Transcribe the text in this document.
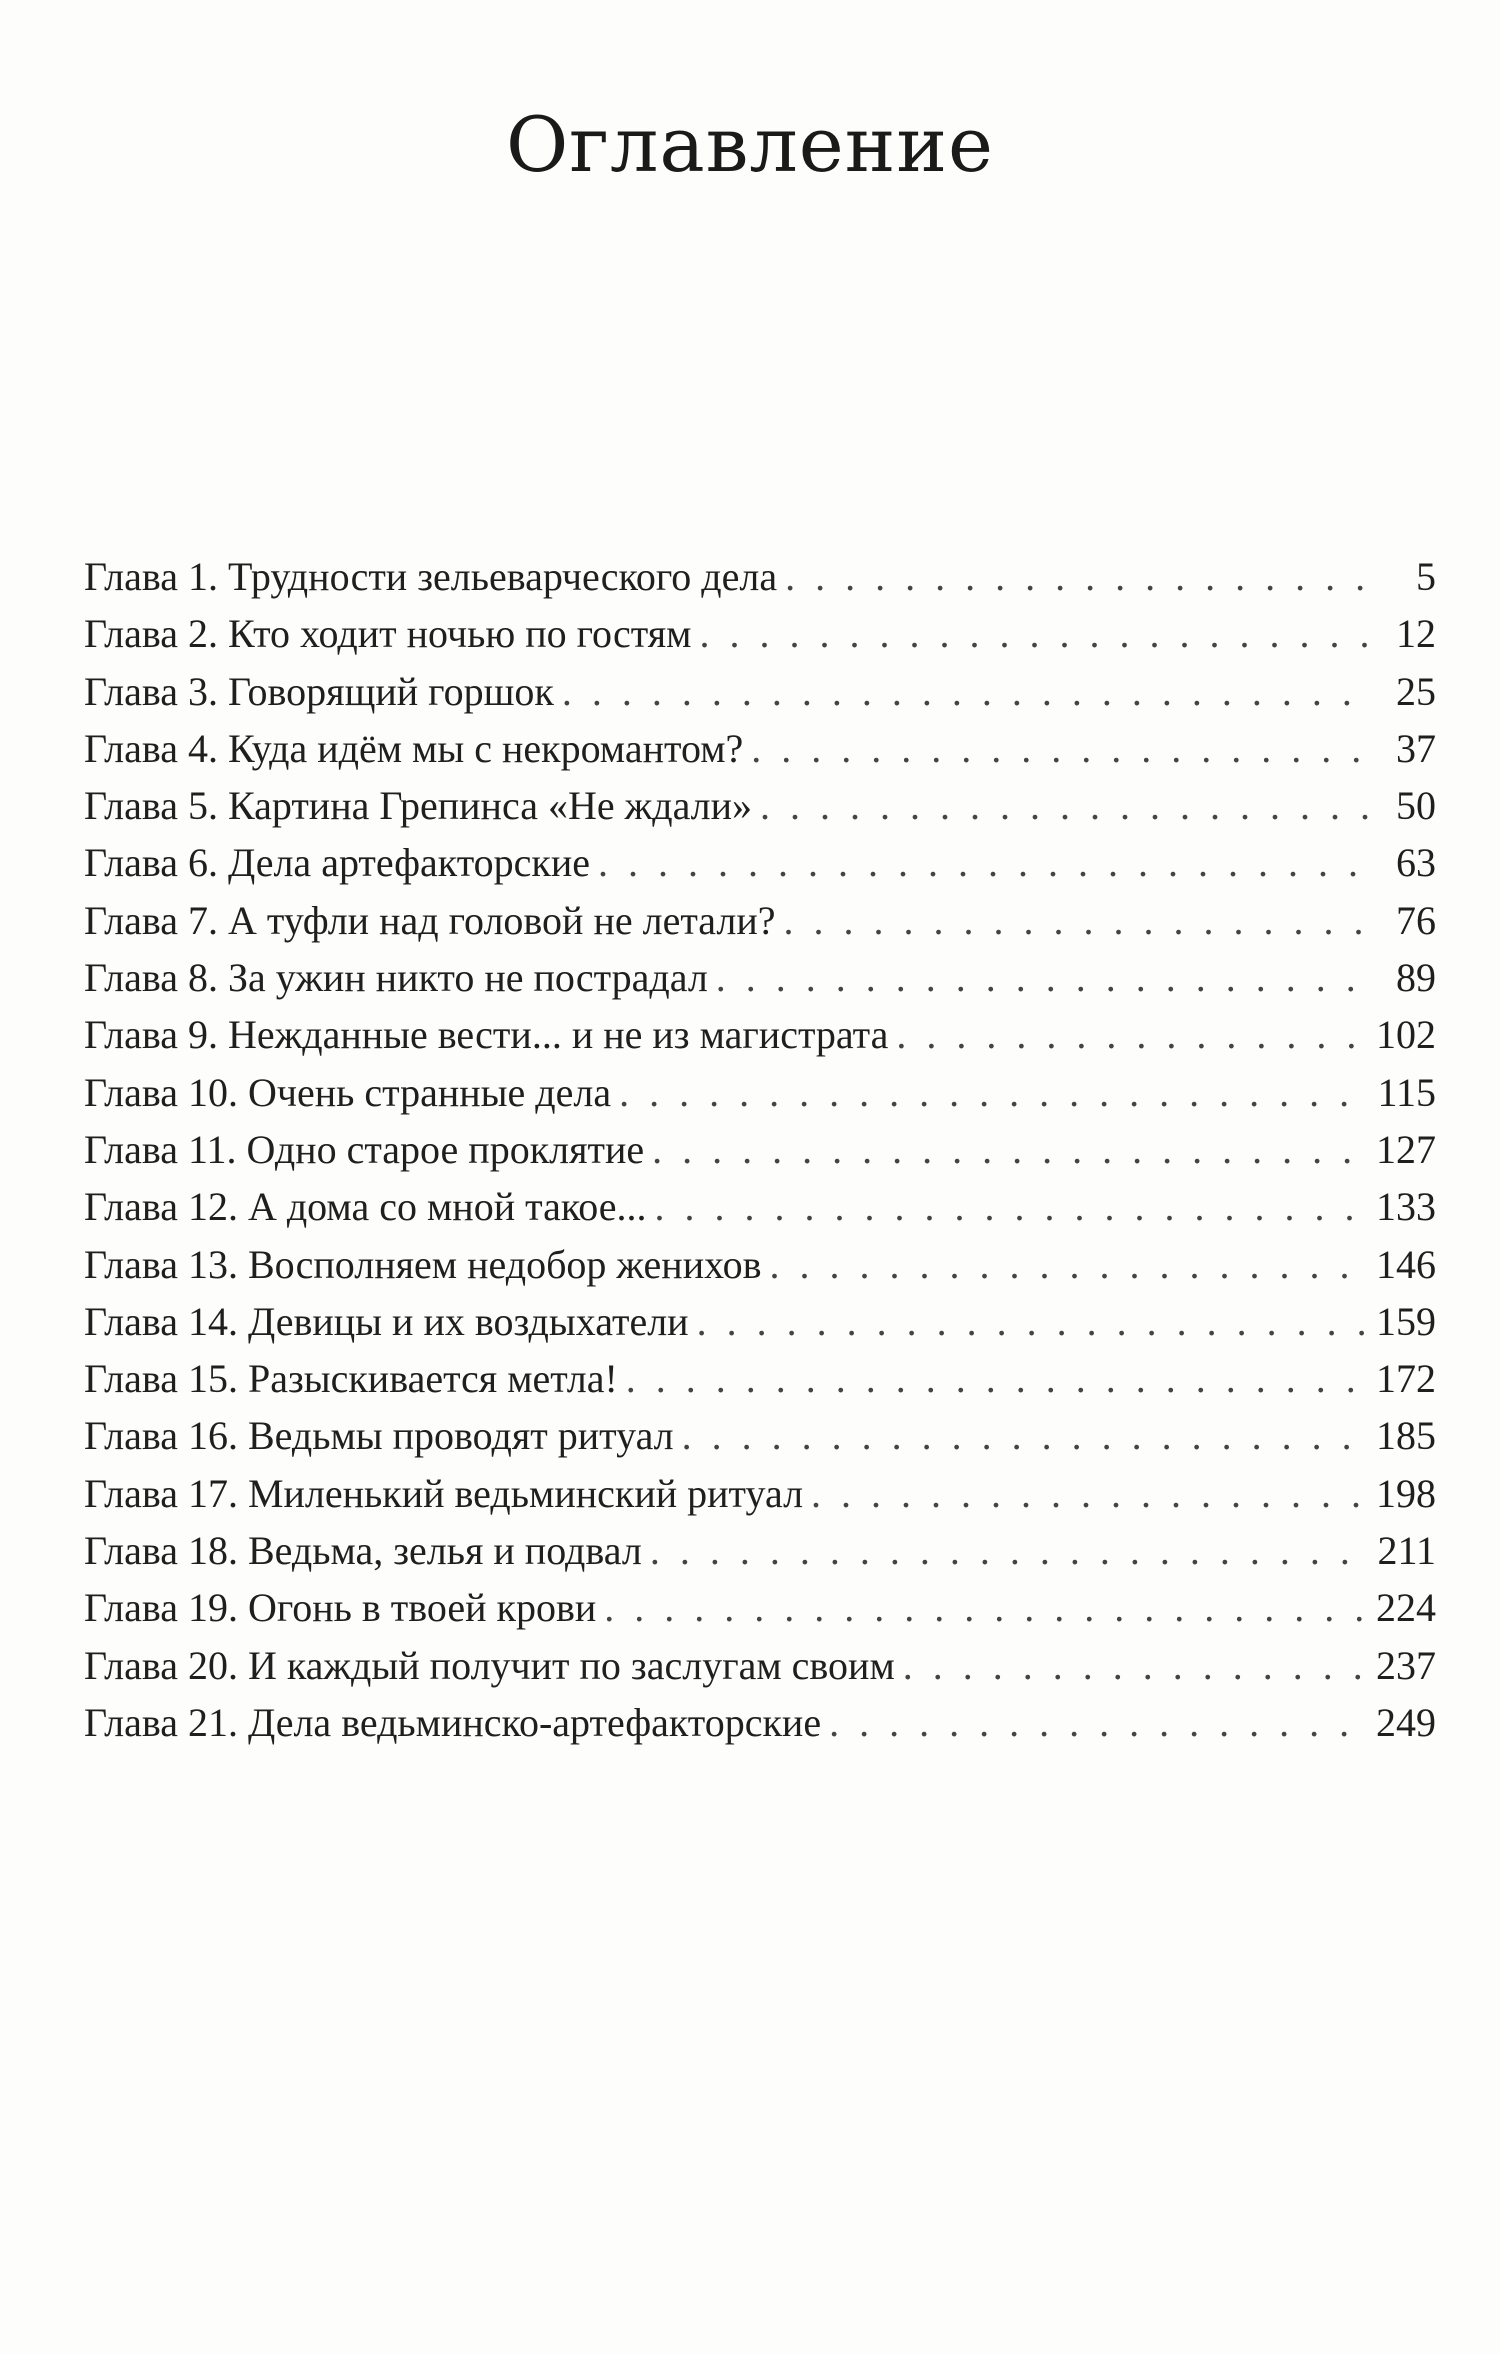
Оглавление
Глава 1. Трудности зельеварческого дела . . .	5
Глава 2. Кто ходит ночью по гостям . . .	12
Глава 3. Говорящий горшок . . .	25
Глава 4. Куда идём мы с некромантом? . . .	37
Глава 5. Картина Грепинса «Не ждали» . . .	50
Глава 6. Дела артефакторские . . .	63
Глава 7. А туфли над головой не летали? . . .	76
Глава 8. За ужин никто не пострадал . . .	89
Глава 9. Нежданные вести... и не из магистрата . . .	102
Глава 10. Очень странные дела . . .	115
Глава 11. Одно старое проклятие . . .	127
Глава 12. А дома со мной такое... . . .	133
Глава 13. Восполняем недобор женихов . . .	146
Глава 14. Девицы и их воздыхатели . . .	159
Глава 15. Разыскивается метла! . . .	172
Глава 16. Ведьмы проводят ритуал . . .	185
Глава 17. Миленький ведьминский ритуал . . .	198
Глава 18. Ведьма, зелья и подвал . . .	211
Глава 19. Огонь в твоей крови . . .	224
Глава 20. И каждый получит по заслугам своим . . .	237
Глава 21. Дела ведьминско-артефакторские . . .	249
